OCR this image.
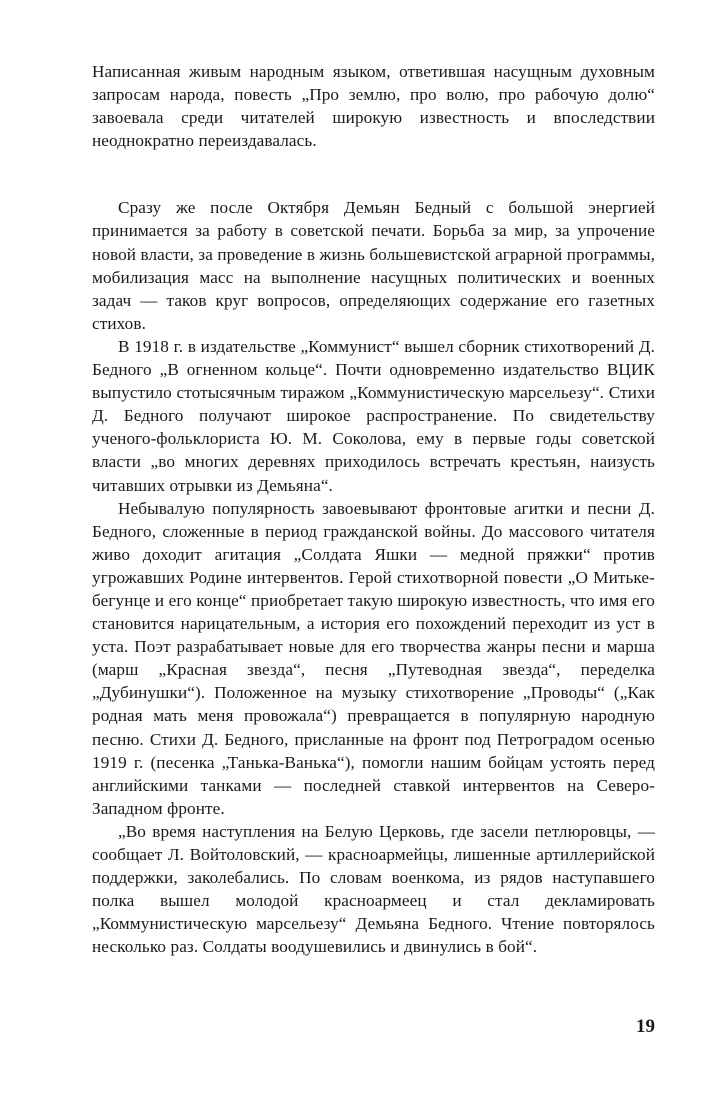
Написанная живым народным языком, ответившая насущным духовным запросам народа, повесть „Про землю, про волю, про рабочую долю“ завоевала среди читателей широкую известность и впоследствии неоднократно переиздавалась.

Сразу же после Октября Демьян Бедный с большой энергией принимается за работу в советской печати. Борьба за мир, за упрочение новой власти, за проведение в жизнь большевистской аграрной программы, мобилизация масс на выполнение насущных политических и военных задач — таков круг вопросов, определяющих содержание его газетных стихов.

В 1918 г. в издательстве „Коммунист“ вышел сборник стихотворений Д. Бедного „В огненном кольце“. Почти одновременно издательство ВЦИК выпустило стотысячным тиражом „Коммунистическую марсельезу“. Стихи Д. Бедного получают широкое распространение. По свидетельству ученого-фольклориста Ю. М. Соколова, ему в первые годы советской власти „во многих деревнях приходилось встречать крестьян, наизусть читавших отрывки из Демьяна“.

Небывалую популярность завоевывают фронтовые агитки и песни Д. Бедного, сложенные в период гражданской войны. До массового читателя живо доходит агитация „Солдата Яшки — медной пряжки“ против угрожавших Родине интервентов. Герой стихотворной повести „О Митьке-бегунце и его конце“ приобретает такую широкую известность, что имя его становится нарицательным, а история его похождений переходит из уст в уста. Поэт разрабатывает новые для его творчества жанры песни и марша (марш „Красная звезда“, песня „Путеводная звезда“, переделка „Дубинушки“). Положенное на музыку стихотворение „Проводы“ („Как родная мать меня провожала“) превращается в популярную народную песню. Стихи Д. Бедного, присланные на фронт под Петроградом осенью 1919 г. (песенка „Танька-Ванька“), помогли нашим бойцам устоять перед английскими танками — последней ставкой интервентов на Северо-Западном фронте.

„Во время наступления на Белую Церковь, где засели петлюровцы, — сообщает Л. Войтоловский, — красноармейцы, лишенные артиллерийской поддержки, заколебались. По словам военкома, из рядов наступавшего полка вышел молодой красноармеец и стал декламировать „Коммунистическую марсельезу“ Демьяна Бедного. Чтение повторялось несколько раз. Солдаты воодушевились и двинулись в бой“.

19
